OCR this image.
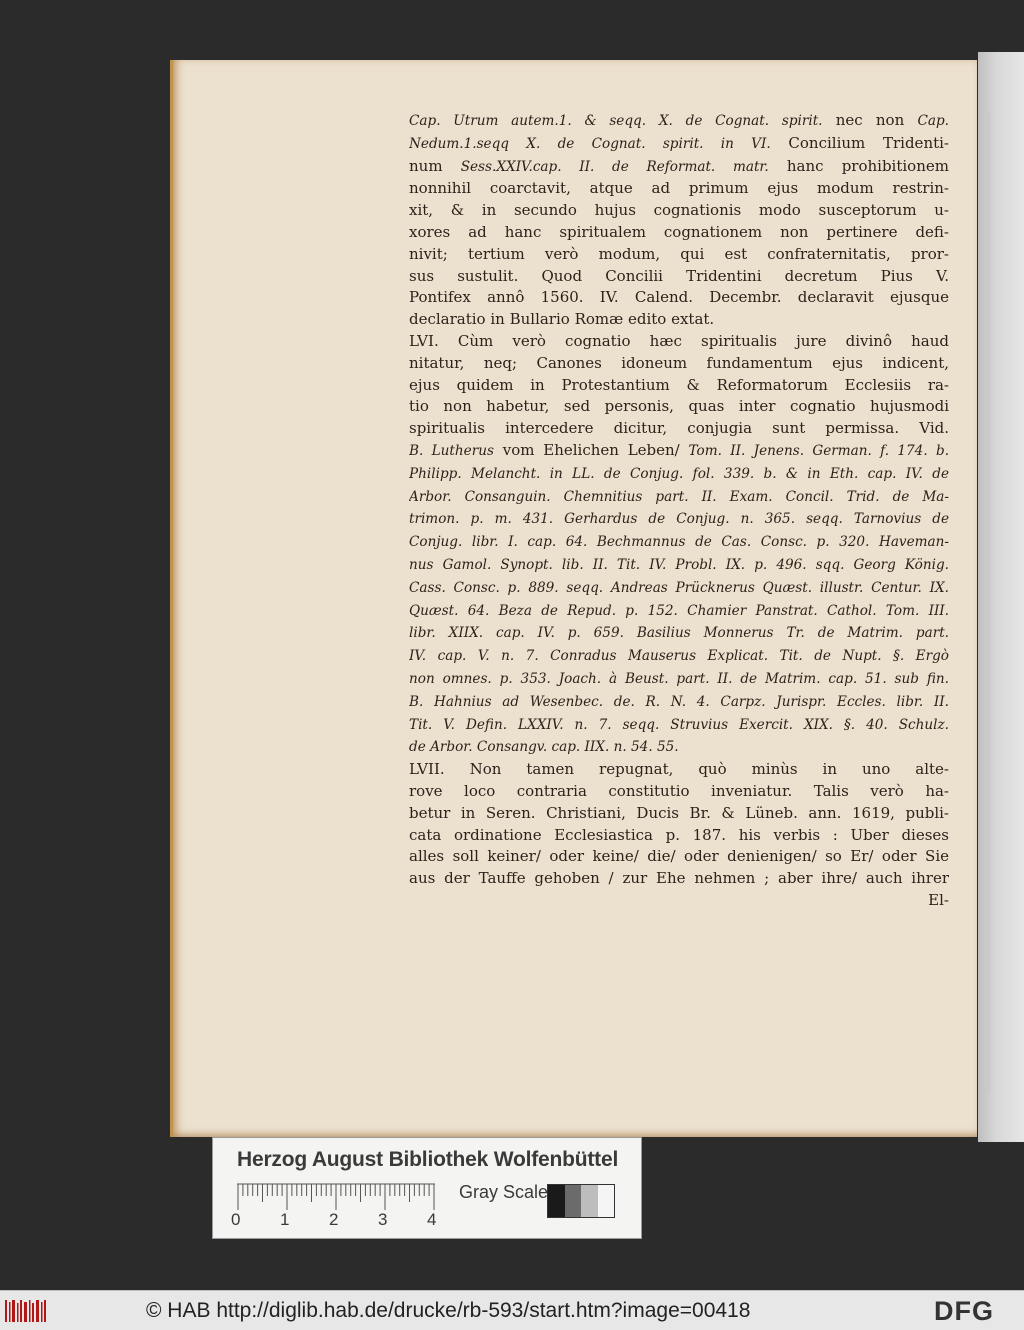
Cap. Utrum autem.1. & seqq. X. de Cognat. spirit. nec non Cap.
Nedum.1.seqq X. de Cognat. spirit. in VI. Concilium Tridenti-
num Sess.XXIV.cap. II. de Reformat. matr. hanc prohibitionem
nonnihil coarctavit, atque ad primum ejus modum restrin-
xit, & in secundo hujus cognationis modo susceptorum u-
xores ad hanc spiritualem cognationem non pertinere defi-
nivit; tertium verò modum, qui est confraternitatis, pror-
sus sustulit. Quod Concilii Tridentini decretum Pius V.
Pontifex annô 1560. IV. Calend. Decembr. declaravit ejusque
declaratio in Bullario Romæ edito extat.
LVI. Cùm verò cognatio hæc spiritualis jure divinô haud
nitatur, neq; Canones idoneum fundamentum ejus indicent,
ejus quidem in Protestantium & Reformatorum Ecclesiis ra-
tio non habetur, sed personis, quas inter cognatio hujusmodi
spiritualis intercedere dicitur, conjugia sunt permissa. Vid.
B. Lutherus vom Ehelichen Leben/ Tom. II. Jenens. German. f. 174. b.
Philipp. Melancht. in LL. de Conjug. fol. 339. b. & in Eth. cap. IV. de
Arbor. Consanguin. Chemnitius part. II. Exam. Concil. Trid. de Ma-
trimon. p. m. 431. Gerhardus de Conjug. n. 365. seqq. Tarnovius de
Conjug. libr. I. cap. 64. Bechmannus de Cas. Consc. p. 320. Haveman-
nus Gamol. Synopt. lib. II. Tit. IV. Probl. IX. p. 496. sqq. Georg König.
Cass. Consc. p. 889. seqq. Andreas Prücknerus Quæst. illustr. Centur. IX.
Quæst. 64. Beza de Repud. p. 152. Chamier Panstrat. Cathol. Tom. III.
libr. XIIX. cap. IV. p. 659. Basilius Monnerus Tr. de Matrim. part.
IV. cap. V. n. 7. Conradus Mauserus Explicat. Tit. de Nupt. §. Ergò
non omnes. p. 353. Joach. à Beust. part. II. de Matrim. cap. 51. sub fin.
B. Hahnius ad Wesenbec. de. R. N. 4. Carpz. Jurispr. Eccles. libr. II.
Tit. V. Defin. LXXIV. n. 7. seqq. Struvius Exercit. XIX. §. 40. Schulz.
de Arbor. Consangv. cap. IIX. n. 54. 55.
LVII. Non tamen repugnat, quò minùs in uno alte-
rove loco contraria constitutio inveniatur. Talis verò ha-
betur in Seren. Christiani, Ducis Br. & Lüneb. ann. 1619, publi-
cata ordinatione Ecclesiastica p. 187. his verbis : Uber dieses
alles soll keiner/ oder keine/ die/ oder denienigen/ so Er/ oder Sie
aus der Tauffe gehoben / zur Ehe nehmen ; aber ihre/ auch ihrer
El-
Herzog August Bibliothek Wolfenbüttel
0 1 2 3 4
Gray Scale
© HAB http://diglib.hab.de/drucke/rb-593/start.htm?image=00418	DFG
